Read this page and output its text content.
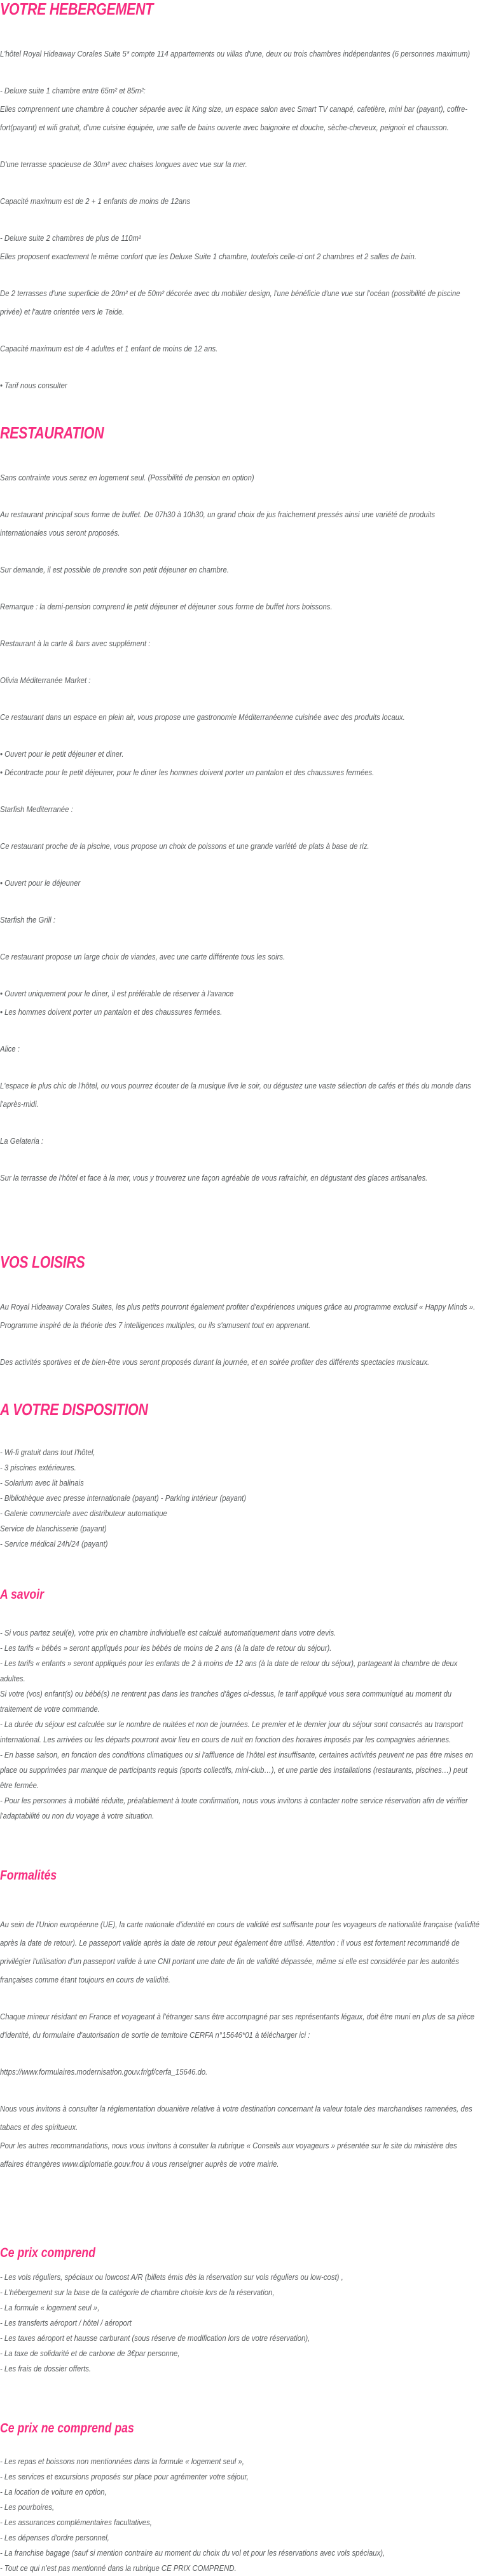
VOTRE HEBERGEMENT

L'hôtel Royal Hideaway Corales Suite 5* compte 114 appartements ou villas d'une, deux ou trois chambres indépendantes (6 personnes maximum)

- Deluxe suite 1 chambre entre 65m² et 85m²:

Elles comprennent une chambre à coucher séparée avec lit King size, un espace salon avec Smart TV canapé, cafetière, mini bar (payant), coffre-fort(payant) et wifi gratuit, d'une cuisine équipée, une salle de bains ouverte avec baignoire et douche, sèche-cheveux, peignoir et chausson.

D'une terrasse spacieuse de 30m² avec chaises longues avec vue sur la mer.

Capacité maximum est de 2 + 1 enfants de moins de 12ans

- Deluxe suite 2 chambres de plus de 110m²

Elles proposent exactement le même confort que les Deluxe Suite 1 chambre, toutefois celle-ci ont 2 chambres et 2 salles de bain.

De 2 terrasses d'une superficie de 20m² et de 50m² décorée avec du mobilier design, l'une bénéficie d'une vue sur l'océan (possibilité de piscine privée) et l'autre orientée vers le Teide.

Capacité maximum est de 4 adultes et 1 enfant de moins de 12 ans.

• Tarif nous consulter

RESTAURATION

Sans contrainte vous serez en logement seul. (Possibilité de pension en option)

Au restaurant principal sous forme de buffet. De 07h30 à 10h30, un grand choix de jus fraichement pressés ainsi une variété de produits internationales vous seront proposés.

Sur demande, il est possible de prendre son petit déjeuner en chambre.

Remarque : la demi-pension comprend le petit déjeuner et déjeuner sous forme de buffet hors boissons.

Restaurant à la carte & bars avec supplément :

Olivia Méditerranée Market :

Ce restaurant dans un espace en plein air, vous propose une gastronomie Méditerranéenne cuisinée avec des produits locaux.

• Ouvert pour le petit déjeuner et diner.

• Décontracte pour le petit déjeuner, pour le diner les hommes doivent porter un pantalon et des chaussures fermées.

Starfish Mediterranée :

Ce restaurant proche de la piscine, vous propose un choix de poissons et une grande variété de plats à base de riz.

• Ouvert pour le déjeuner

Starfish the Grill :

Ce restaurant propose un large choix de viandes, avec une carte différente tous les soirs.

• Ouvert uniquement pour le diner, il est préférable de réserver à l'avance

• Les hommes doivent porter un pantalon et des chaussures fermées.

Alice :

L'espace le plus chic de l'hôtel, ou vous pourrez écouter de la musique live le soir, ou dégustez une vaste sélection de cafés et thés du monde dans l'après-midi.

La Gelateria :

Sur la terrasse de l'hôtel et face à la mer, vous y trouverez une façon agréable de vous rafraichir, en dégustant des glaces artisanales.

VOS LOISIRS

Au Royal Hideaway Corales Suites, les plus petits pourront également profiter d'expériences uniques grâce au programme exclusif « Happy Minds ». Programme inspiré de la théorie des 7 intelligences multiples, ou ils s'amusent tout en apprenant.

Des activités sportives et de bien-être vous seront proposés durant la journée, et en soirée profiter des différents spectacles musicaux.

A VOTRE DISPOSITION

- Wi-fi gratuit dans tout l'hôtel,

- 3 piscines extérieures.

- Solarium avec lit balinais

- Bibliothèque avec presse internationale (payant) - Parking intérieur (payant)

- Galerie commerciale avec distributeur automatique

Service de blanchisserie (payant)

- Service médical 24h/24 (payant)

A savoir

- Si vous partez seul(e), votre prix en chambre individuelle est calculé automatiquement dans votre devis.

- Les tarifs « bébés » seront appliqués pour les bébés de moins de 2 ans (à la date de retour du séjour).

- Les tarifs « enfants » seront appliqués pour les enfants de 2 à moins de 12 ans (à la date de retour du séjour), partageant la chambre de deux adultes.

Si votre (vos) enfant(s) ou bébé(s) ne rentrent pas dans les tranches d'âges ci-dessus, le tarif appliqué vous sera communiqué au moment du traitement de votre commande.

- La durée du séjour est calculée sur le nombre de nuitées et non de journées. Le premier et le dernier jour du séjour sont consacrés au transport international. Les arrivées ou les départs pourront avoir lieu en cours de nuit en fonction des horaires imposés par les compagnies aériennes.

- En basse saison, en fonction des conditions climatiques ou si l'affluence de l'hôtel est insuffisante, certaines activités peuvent ne pas être mises en place ou supprimées par manque de participants requis (sports collectifs, mini-club…), et une partie des installations (restaurants, piscines…) peut être fermée.

- Pour les personnes à mobilité réduite, préalablement à toute confirmation, nous vous invitons à contacter notre service réservation afin de vérifier l'adaptabilité ou non du voyage à votre situation.

Formalités

Au sein de l'Union européenne (UE), la carte nationale d'identité en cours de validité est suffisante pour les voyageurs de nationalité française (validité après la date de retour). Le passeport valide après la date de retour peut également être utilisé. Attention : il vous est fortement recommandé de privilégier l'utilisation d'un passeport valide à une CNI portant une date de fin de validité dépassée, même si elle est considérée par les autorités françaises comme étant toujours en cours de validité.

Chaque mineur résidant en France et voyageant à l'étranger sans être accompagné par ses représentants légaux, doit être muni en plus de sa pièce d'identité, du formulaire d'autorisation de sortie de territoire CERFA n°15646*01 à télécharger ici :

https://www.formulaires.modernisation.gouv.fr/gf/cerfa_15646.do.

Nous vous invitons à consulter la réglementation douanière relative à votre destination concernant la valeur totale des marchandises ramenées, des tabacs et des spiritueux.

Pour les autres recommandations, nous vous invitons à consulter la rubrique « Conseils aux voyageurs » présentée sur le site du ministère des affaires étrangères www.diplomatie.gouv.frou à vous renseigner auprès de votre mairie.

Ce prix comprend

- Les vols réguliers, spéciaux ou lowcost A/R (billets émis dès la réservation sur vols réguliers ou low-cost) ,

- L'hébergement sur la base de la catégorie de chambre choisie lors de la réservation,

- La formule « logement seul »,

- Les transferts aéroport / hôtel / aéroport

- Les taxes aéroport et hausse carburant (sous réserve de modification lors de votre réservation),

- La taxe de solidarité et de carbone de 3€par personne,

- Les frais de dossier offerts.

Ce prix ne comprend pas

- Les repas et boissons non mentionnées dans la formule « logement seul »,

- Les services et excursions proposés sur place pour agrémenter votre séjour,

- La location de voiture en option,

- Les pourboires,

- Les assurances complémentaires facultatives,

- Les dépenses d'ordre personnel,

- La franchise bagage (sauf si mention contraire au moment du choix du vol et pour les réservations avec vols spéciaux),

- Tout ce qui n'est pas mentionné dans la rubrique CE PRIX COMPREND.
